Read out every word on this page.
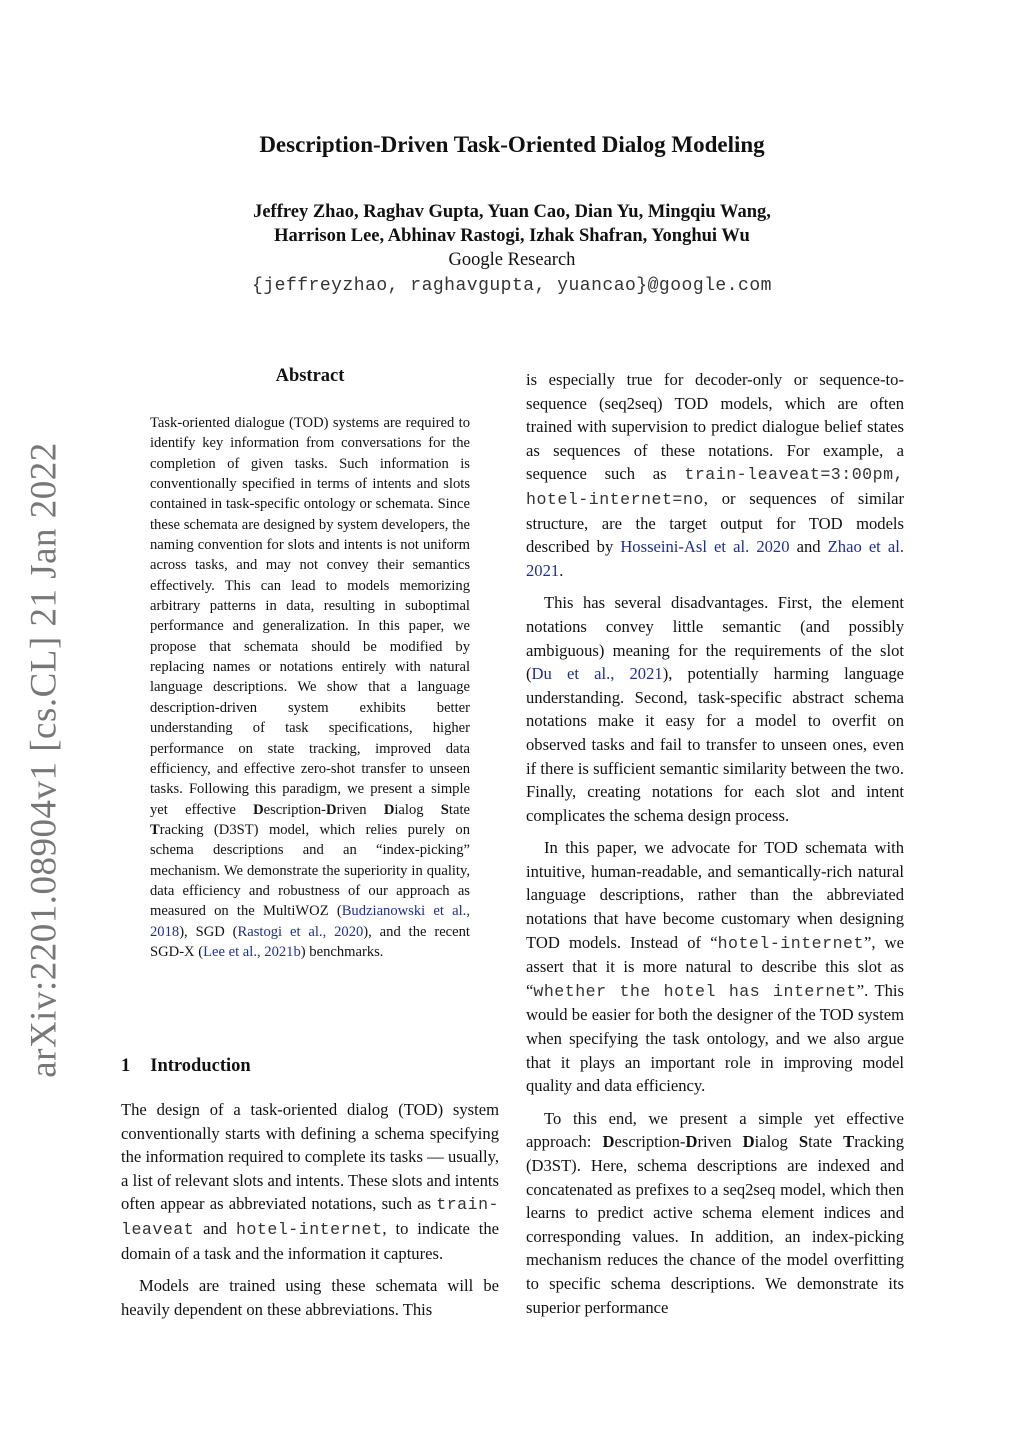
arXiv:2201.08904v1 [cs.CL] 21 Jan 2022
Description-Driven Task-Oriented Dialog Modeling
Jeffrey Zhao, Raghav Gupta, Yuan Cao, Dian Yu, Mingqiu Wang,
Harrison Lee, Abhinav Rastogi, Izhak Shafran, Yonghui Wu
Google Research
{jeffreyzhao, raghavgupta, yuancao}@google.com
Abstract

Task-oriented dialogue (TOD) systems are required to identify key information from conversations for the completion of given tasks. Such information is conventionally specified in terms of intents and slots contained in task-specific ontology or schemata. Since these schemata are designed by system developers, the naming convention for slots and intents is not uniform across tasks, and may not convey their semantics effectively. This can lead to models memorizing arbitrary patterns in data, resulting in suboptimal performance and generalization. In this paper, we propose that schemata should be modified by replacing names or notations entirely with natural language descriptions. We show that a language description-driven system exhibits better understanding of task specifications, higher performance on state tracking, improved data efficiency, and effective zero-shot transfer to unseen tasks. Following this paradigm, we present a simple yet effective Description-Driven Dialog State Tracking (D3ST) model, which relies purely on schema descriptions and an “index-picking” mechanism. We demonstrate the superiority in quality, data efficiency and robustness of our approach as measured on the MultiWOZ (Budzianowski et al., 2018), SGD (Rastogi et al., 2020), and the recent SGD-X (Lee et al., 2021b) benchmarks.

1 Introduction

The design of a task-oriented dialog (TOD) system conventionally starts with defining a schema specifying the information required to complete its tasks — usually, a list of relevant slots and intents. These slots and intents often appear as abbreviated notations, such as train-leaveat and hotel-internet, to indicate the domain of a task and the information it captures.

Models are trained using these schemata will be heavily dependent on these abbreviations. This

is especially true for decoder-only or sequence-to-sequence (seq2seq) TOD models, which are often trained with supervision to predict dialogue belief states as sequences of these notations. For example, a sequence such as train-leaveat=3:00pm, hotel-internet=no, or sequences of similar structure, are the target output for TOD models described by Hosseini-Asl et al. 2020 and Zhao et al. 2021.

This has several disadvantages. First, the element notations convey little semantic (and possibly ambiguous) meaning for the requirements of the slot (Du et al., 2021), potentially harming language understanding. Second, task-specific abstract schema notations make it easy for a model to overfit on observed tasks and fail to transfer to unseen ones, even if there is sufficient semantic similarity between the two. Finally, creating notations for each slot and intent complicates the schema design process.

In this paper, we advocate for TOD schemata with intuitive, human-readable, and semantically-rich natural language descriptions, rather than the abbreviated notations that have become customary when designing TOD models. Instead of “hotel-internet”, we assert that it is more natural to describe this slot as “whether the hotel has internet”. This would be easier for both the designer of the TOD system when specifying the task ontology, and we also argue that it plays an important role in improving model quality and data efficiency.

To this end, we present a simple yet effective approach: Description-Driven Dialog State Tracking (D3ST). Here, schema descriptions are indexed and concatenated as prefixes to a seq2seq model, which then learns to predict active schema element indices and corresponding values. In addition, an index-picking mechanism reduces the chance of the model overfitting to specific schema descriptions. We demonstrate its superior performance
